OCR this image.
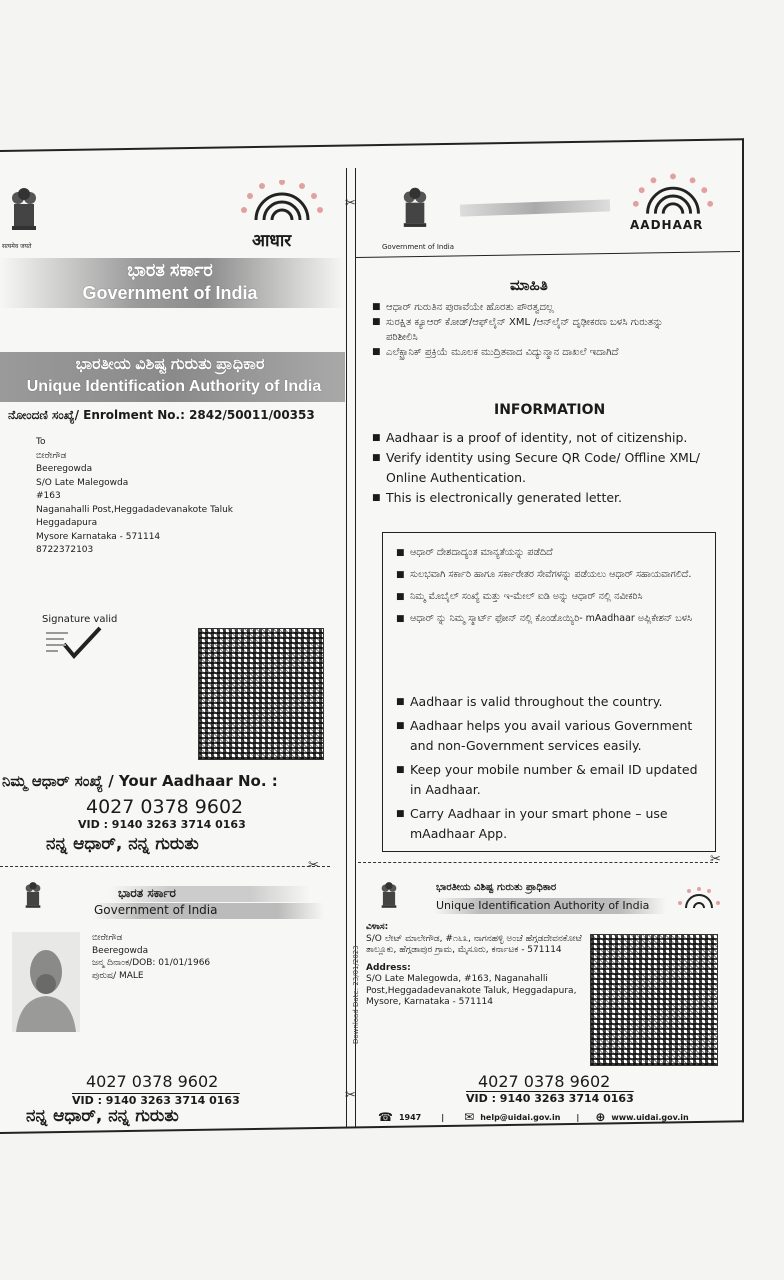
✂
✂
सत्यमेव जयते	आधार
ಭಾರತ ಸರ್ಕಾರ
Government of India
ಭಾರತೀಯ ವಿಶಿಷ್ಟ ಗುರುತು ಪ್ರಾಧಿಕಾರ
Unique Identification Authority of India
ನೋಂದಣಿ ಸಂಖ್ಯೆ/ Enrolment No.: 2842/50011/00353
To
ಬೀರೇಗೌಡ
Beeregowda
S/O Late Malegowda
#163
Naganahalli Post,Heggadadevanakote Taluk
Heggadapura
Mysore Karnataka - 571114
8722372103
Signature valid
ನಿಮ್ಮ ಆಧಾರ್ ಸಂಖ್ಯೆ / Your Aadhaar No. :
4027 0378 9602
VID : 9140 3263 3714 0163
ನನ್ನ ಆಧಾರ್, ನನ್ನ ಗುರುತು
Government of India
AADHAAR
ಮಾಹಿತಿ
■ ಆಧಾರ್ ಗುರುತಿನ ಪುರಾವೆಯೇ ಹೊರತು ಪೌರತ್ವದಲ್ಲ
■ ಸುರಕ್ಷಿತ ಕ್ಯೂಆರ್ ಕೋಡ್/ಆಫ್‌ಲೈನ್ XML /ಆನ್‌ಲೈನ್ ದೃಢೀಕರಣ ಬಳಸಿ ಗುರುತನ್ನು ಪರಿಶೀಲಿಸಿ
■ ಎಲೆಕ್ಟ್ರಾನಿಕ್ ಪ್ರಕ್ರಿಯೆ ಮೂಲಕ ಮುದ್ರಿತವಾದ ವಿದ್ಯುನ್ಮಾನ ದಾಖಲೆ ಇದಾಗಿದೆ
INFORMATION
■ Aadhaar is a proof of identity, not of citizenship.
■ Verify identity using Secure QR Code/ Offline XML/ Online Authentication.
■ This is electronically generated letter.
■ ಆಧಾರ್ ದೇಶದಾದ್ಯಂತ ಮಾನ್ಯತೆಯನ್ನು ಪಡೆದಿದೆ
■ ಸುಲಭವಾಗಿ ಸರ್ಕಾರಿ ಹಾಗೂ ಸರ್ಕಾರೇತರ ಸೇವೆಗಳನ್ನು ಪಡೆಯಲು ಆಧಾರ್ ಸಹಾಯವಾಗಲಿದೆ.
■ ನಿಮ್ಮ ಮೊಬೈಲ್ ಸಂಖ್ಯೆ ಮತ್ತು ಇ-ಮೇಲ್ ಐಡಿ ಅನ್ನು ಆಧಾರ್ ನಲ್ಲಿ ನವೀಕರಿಸಿ
■ ಆಧಾರ್ ನ್ನು ನಿಮ್ಮ ಸ್ಮಾರ್ಟ್ ಫೋನ್ ನಲ್ಲಿ ಕೊಂಡೊಯ್ಯಿರಿ- mAadhaar ಅಪ್ಲಿಕೇಶನ್ ಬಳಸಿ
■ Aadhaar is valid throughout the country.
■ Aadhaar helps you avail various Government and non-Government services easily.
■ Keep your mobile number & email ID updated in Aadhaar.
■ Carry Aadhaar in your smart phone – use mAadhaar App.
✂	✂
ಭಾರತ ಸರ್ಕಾರ
Government of India
ಬೀರೇಗೌಡ
Beeregowda
ಜನ್ಮ ದಿನಾಂಕ/DOB: 01/01/1966
ಪುರುಷ/ MALE
4027 0378 9602
VID : 9140 3263 3714 0163
ನನ್ನ ಆಧಾರ್, ನನ್ನ ಗುರುತು
ಭಾರತೀಯ ವಿಶಿಷ್ಟ ಗುರುತು ಪ್ರಾಧಿಕಾರ
Unique Identification Authority of India
Download Date: 23/01/2023
ವಿಳಾಸ:
S/O ಲೇಟ್ ಮಾಲೇಗೌಡ, #೧೬೩, ನಾಗನಹಳ್ಳಿ ಅಂಚೆ ಹೆಗ್ಗಡದೇವನಕೋಟೆ ತಾಲ್ಲೂಕು, ಹೆಗ್ಗಡಾಪುರ ಗ್ರಾಮ, ಮೈಸೂರು, ಕರ್ನಾಟಕ - 571114
Address:
S/O Late Malegowda, #163, Naganahalli Post,Heggadadevanakote Taluk, Heggadapura, Mysore, Karnataka - 571114
4027 0378 9602
VID : 9140 3263 3714 0163
☎ 1947	| ✉ help@uidai.gov.in | ⊕ www.uidai.gov.in
